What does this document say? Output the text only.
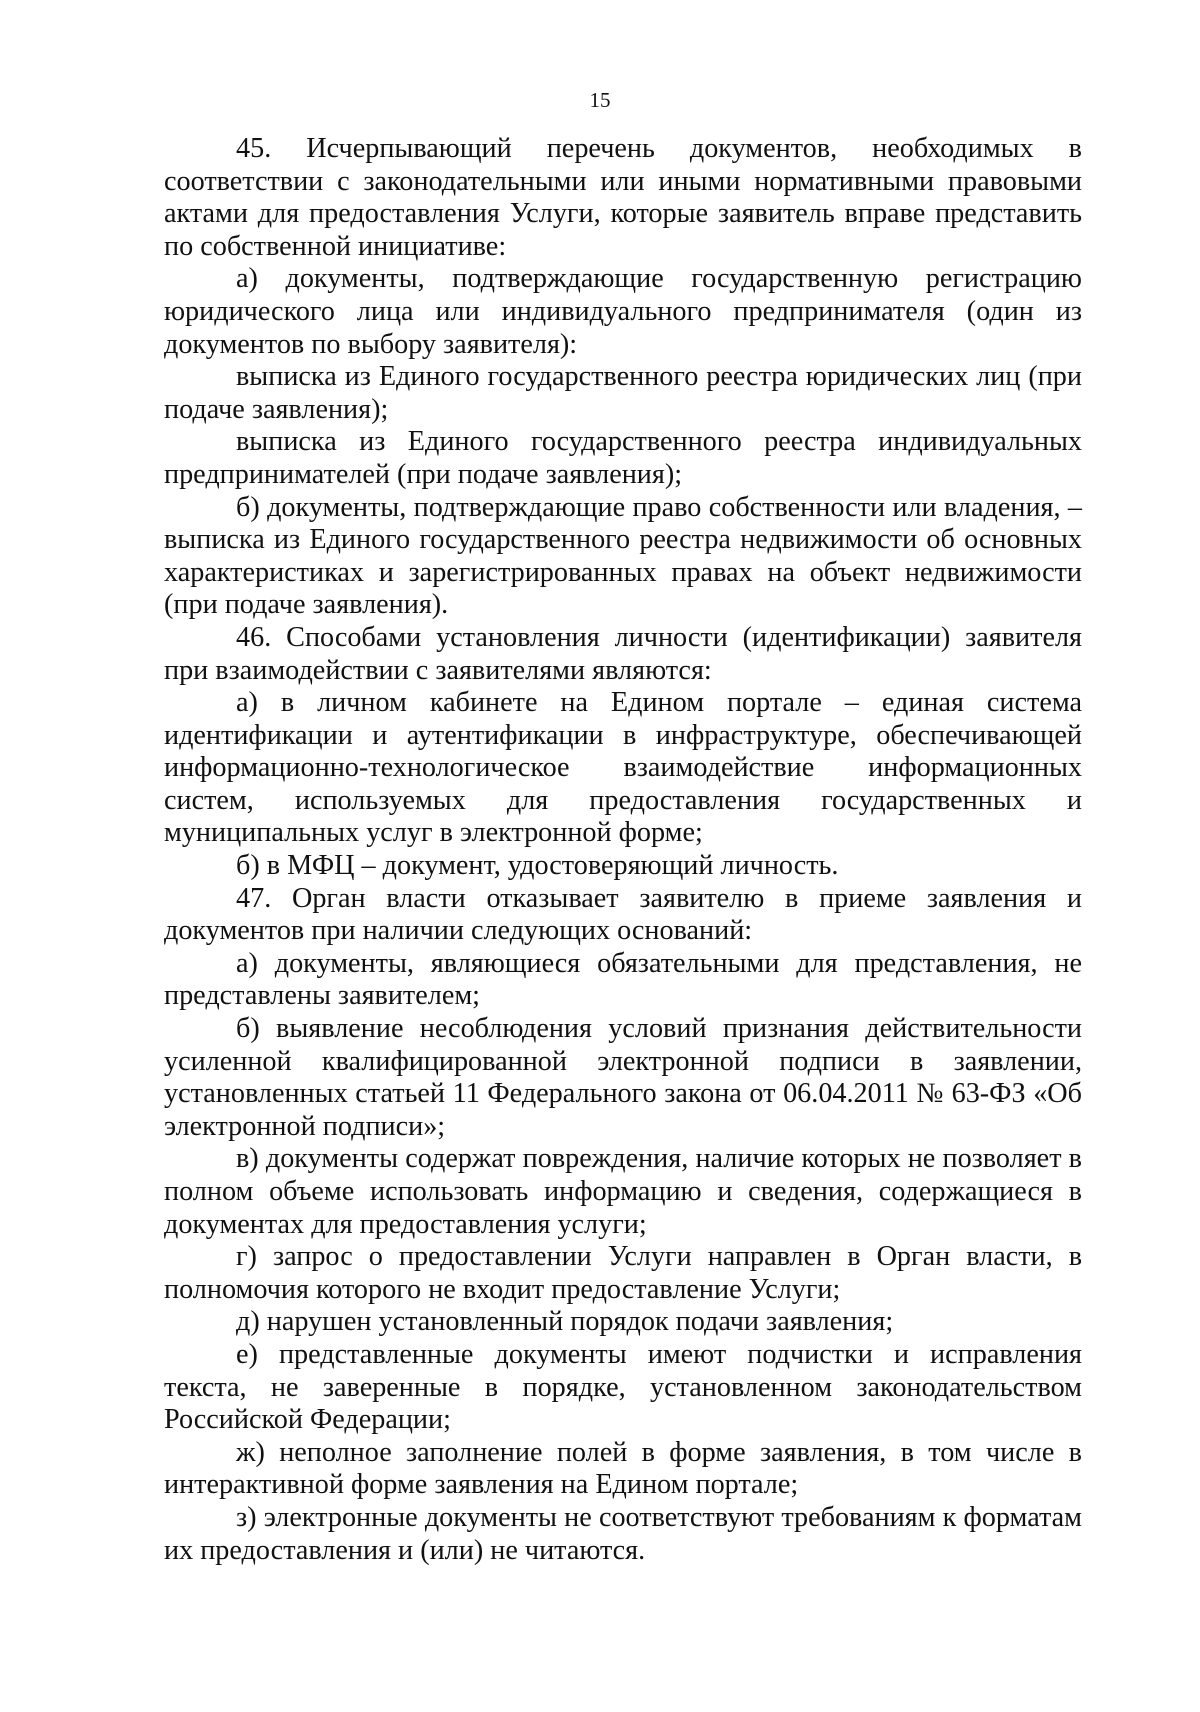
15

45. Исчерпывающий перечень документов, необходимых в соответствии с законодательными или иными нормативными правовыми актами для предоставления Услуги, которые заявитель вправе представить по собственной инициативе:

а) документы, подтверждающие государственную регистрацию юридического лица или индивидуального предпринимателя (один из документов по выбору заявителя):

выписка из Единого государственного реестра юридических лиц (при подаче заявления);

выписка из Единого государственного реестра индивидуальных предпринимателей (при подаче заявления);

б) документы, подтверждающие право собственности или владения, – выписка из Единого государственного реестра недвижимости об основных характеристиках и зарегистрированных правах на объект недвижимости (при подаче заявления).

46. Способами установления личности (идентификации) заявителя при взаимодействии с заявителями являются:

а) в личном кабинете на Едином портале – единая система идентификации и аутентификации в инфраструктуре, обеспечивающей информационно-технологическое взаимодействие информационных систем, используемых для предоставления государственных и муниципальных услуг в электронной форме;

б) в МФЦ – документ, удостоверяющий личность.

47. Орган власти отказывает заявителю в приеме заявления и документов при наличии следующих оснований:

а) документы, являющиеся обязательными для представления, не представлены заявителем;

б) выявление несоблюдения условий признания действительности усиленной квалифицированной электронной подписи в заявлении, установленных статьей 11 Федерального закона от 06.04.2011 № 63-ФЗ «Об электронной подписи»;

в) документы содержат повреждения, наличие которых не позволяет в полном объеме использовать информацию и сведения, содержащиеся в документах для предоставления услуги;

г) запрос о предоставлении Услуги направлен в Орган власти, в полномочия которого не входит предоставление Услуги;

д) нарушен установленный порядок подачи заявления;

е) представленные документы имеют подчистки и исправления текста, не заверенные в порядке, установленном законодательством Российской Федерации;

ж) неполное заполнение полей в форме заявления, в том числе в интерактивной форме заявления на Едином портале;

з) электронные документы не соответствуют требованиям к форматам их предоставления и (или) не читаются.
